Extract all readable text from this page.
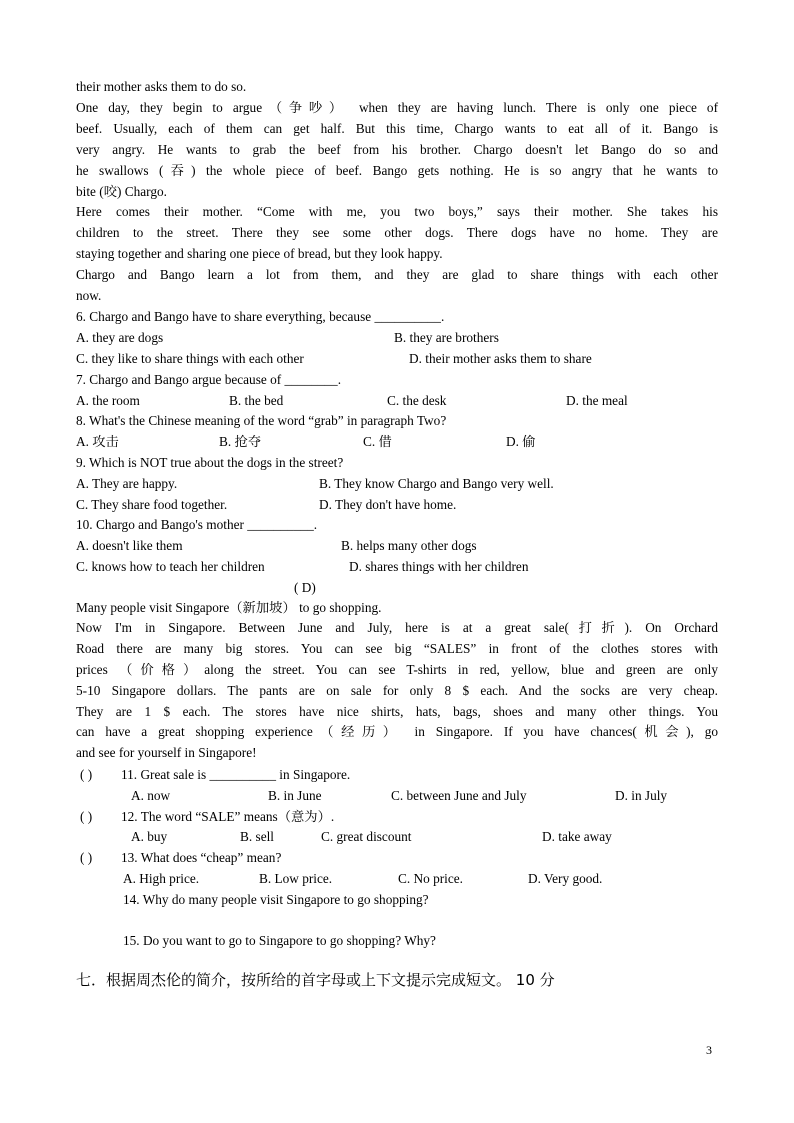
their mother asks them to do so.
One day, they begin to argue（争吵） when they are having lunch. There is only one piece of
beef. Usually, each of them can get half. But this time, Chargo wants to eat all of it. Bango is
very angry. He wants to grab the beef from his brother. Chargo doesn't let Bango do so and
he swallows (吞) the whole piece of beef. Bango gets nothing. He is so angry that he wants to
bite (咬) Chargo.
Here comes their mother. “Come with me, you two boys,” says their mother. She takes his
children to the street. There they see some other dogs. There dogs have no home. They are
staying together and sharing one piece of bread, but they look happy.
Chargo and Bango learn a lot from them, and they are glad to share things with each other
now.
6. Chargo and Bango have to share everything, because __________.
A. they are dogs	B. they are brothers
C. they like to share things with each other	D. their mother asks them to share
7. Chargo and Bango argue because of ________.
A. the room	B. the bed	C. the desk	D. the meal
8. What's the Chinese meaning of the word “grab” in paragraph Two?
A. 攻击	B. 抢夺	C. 借	D. 偷
9. Which is NOT true about the dogs in the street?
A. They are happy.	B. They know Chargo and Bango very well.
C. They share food together.	D. They don't have home.
10. Chargo and Bango's mother __________.
A. doesn't like them	B. helps many other dogs
C. knows how to teach her children	D. shares things with her children
( D)
Many people visit Singapore（新加坡） to go shopping.
Now I'm in Singapore. Between June and July, here is at a great sale(打折). On Orchard
Road there are many big stores. You can see big “SALES” in front of the clothes stores with
prices （价格）along the street. You can see T-shirts in red, yellow, blue and green are only
5-10 Singapore dollars. The pants are on sale for only 8 $ each. And the socks are very cheap.
They are 1 $ each. The stores have nice shirts, hats, bags, shoes and many other things. You
can have a great shopping experience（经历） in Singapore. If you have chances(机会), go
and see for yourself in Singapore!
( ) 11. Great sale is __________ in Singapore.
A. now	B. in June	C. between June and July	D. in July
( ) 12. The word “SALE” means（意为）.
A. buy	B. sell	C. great discount	D. take away
( ) 13. What does “cheap” mean?
A. High price.	B. Low price.	C. No price.	D. Very good.
14. Why do many people visit Singapore to go shopping?
15. Do you want to go to Singapore to go shopping? Why?
七．根据周杰伦的简介，按所给的首字母或上下文提示完成短文。 10 分
3
